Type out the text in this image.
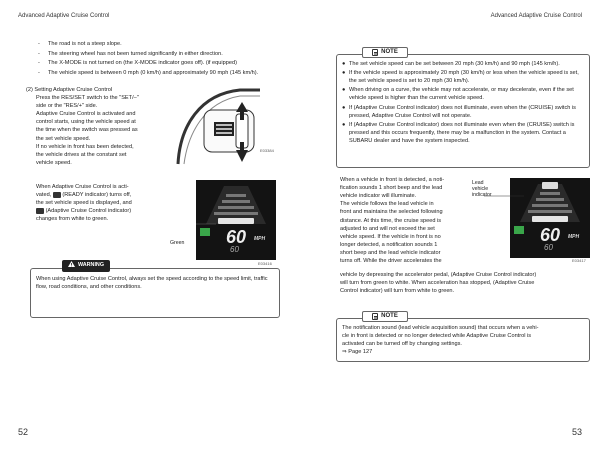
Advanced Adaptive Cruise Control
-	The road is not a steep slope.
-	The steering wheel has not been turned significantly in either direction.
-	The X-MODE is not turned on (the X-MODE indicator goes off). (if equipped)
-	The vehicle speed is between 0 mph (0 km/h) and approximately 90 mph (145 km/h).
(2) Setting Adaptive Cruise Control
Press the RES/SET switch to the "SET/–"
side or the "RES/+" side.
Adaptive Cruise Control is activated and
control starts, using the vehicle speed at
the time when the switch was pressed as
the set vehicle speed.
If no vehicle in front has been detected,
the vehicle drives at the constant set
vehicle speed.
E03384
When Adaptive Cruise Control is acti-
vated, (READY indicator) turns off,
the set vehicle speed is displayed, and
(Adaptive Cruise Control indicator)
changes from white to green.
Green 60 MPH
60
E03416
WARNING
When using Adaptive Cruise Control, always set the speed according to the speed limit, traffic flow, road conditions, and other conditions.
52
Advanced Adaptive Cruise Control
NOTE
● The set vehicle speed can be set between 20 mph (30 km/h) and 90 mph (145 km/h).
● If the vehicle speed is approximately 20 mph (30 km/h) or less when the vehicle speed is set, the set vehicle speed is set to 20 mph (30 km/h).
● When driving on a curve, the vehicle may not accelerate, or may decelerate, even if the set vehicle speed is higher than the current vehicle speed.
● If (Adaptive Cruise Control indicator) does not illuminate, even when the (CRUISE) switch is pressed, Adaptive Cruise Control will not operate.
● If (Adaptive Cruise Control indicator) does not illuminate even when the (CRUISE) switch is pressed and this occurs frequently, there may be a malfunction in the system. Contact a SUBARU dealer and have the system inspected.
When a vehicle in front is detected, a noti-
fication sounds 1 short beep and the lead
vehicle indicator will illuminate.
The vehicle follows the lead vehicle in
front and maintains the selected following
distance. At this time, the cruise speed is
adjusted to and will not exceed the set
vehicle speed. If the vehicle in front is no
longer detected, a notification sounds 1
short beep and the lead vehicle indicator
turns off. While the driver accelerates the
Lead
vehicle
indicator
60 MPH
60
E03417
vehicle by depressing the accelerator pedal, (Adaptive Cruise Control indicator)
will turn from green to white. When acceleration has stopped, (Adaptive Cruise
Control indicator) will turn from white to green.
NOTE
The notification sound (lead vehicle acquisition sound) that occurs when a vehi-
cle in front is detected or no longer detected while Adaptive Cruise Control is
activated can be turned off by changing settings.
⇒ Page 127
53
